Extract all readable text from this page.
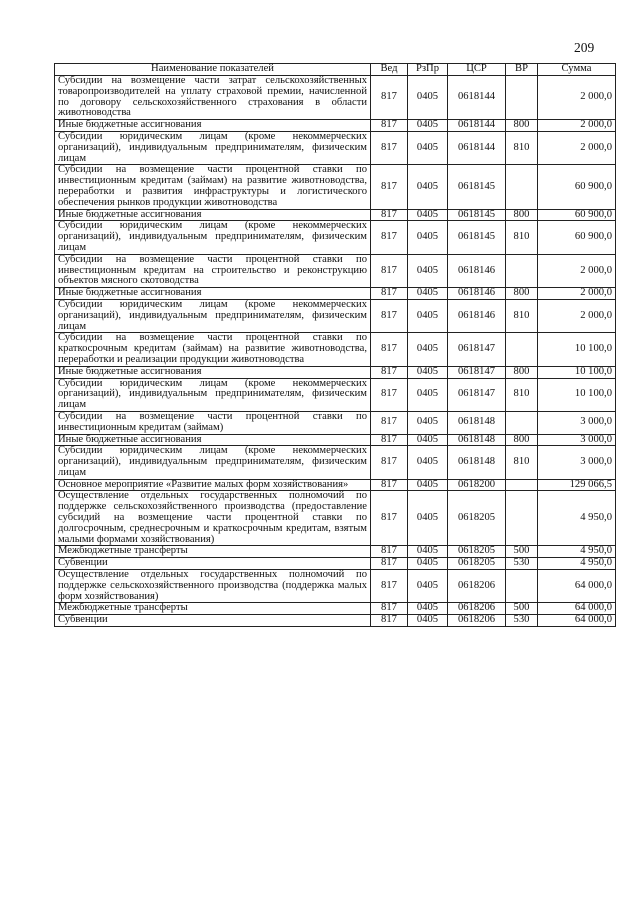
209
Наименование показателей	Вед	РзПр	ЦСР	ВР	Сумма
Субсидии на возмещение части затрат сельскохозяйственных товаропроизводителей на уплату страховой премии, начисленной по договору сельскохозяйственного страхования в области животноводства	817	0405	0618144		2 000,0
Иные бюджетные ассигнования	817	0405	0618144	800	2 000,0
Субсидии юридическим лицам (кроме некоммерческих организаций), индивидуальным предпринимателям, физическим лицам	817	0405	0618144	810	2 000,0
Субсидии на возмещение части процентной ставки по инвестиционным кредитам (займам) на развитие животноводства, переработки и развития инфраструктуры и логистического обеспечения рынков продукции животноводства	817	0405	0618145		60 900,0
Иные бюджетные ассигнования	817	0405	0618145	800	60 900,0
Субсидии юридическим лицам (кроме некоммерческих организаций), индивидуальным предпринимателям, физическим лицам	817	0405	0618145	810	60 900,0
Субсидии на возмещение части процентной ставки по инвестиционным кредитам на строительство и реконструкцию объектов мясного скотоводства	817	0405	0618146		2 000,0
Иные бюджетные ассигнования	817	0405	0618146	800	2 000,0
Субсидии юридическим лицам (кроме некоммерческих организаций), индивидуальным предпринимателям, физическим лицам	817	0405	0618146	810	2 000,0
Субсидии на возмещение части процентной ставки по краткосрочным кредитам (займам) на развитие животноводства, переработки и реализации продукции животноводства	817	0405	0618147		10 100,0
Иные бюджетные ассигнования	817	0405	0618147	800	10 100,0
Субсидии юридическим лицам (кроме некоммерческих организаций), индивидуальным предпринимателям, физическим лицам	817	0405	0618147	810	10 100,0
Субсидии на возмещение части процентной ставки по инвестиционным кредитам (займам)	817	0405	0618148		3 000,0
Иные бюджетные ассигнования	817	0405	0618148	800	3 000,0
Субсидии юридическим лицам (кроме некоммерческих организаций), индивидуальным предпринимателям, физическим лицам	817	0405	0618148	810	3 000,0
Основное мероприятие «Развитие малых форм хозяйствования»	817	0405	0618200		129 066,5
Осуществление отдельных государственных полномочий по поддержке сельскохозяйственного производства (предоставление субсидий на возмещение части процентной ставки по долгосрочным, среднесрочным и краткосрочным кредитам, взятым малыми формами хозяйствования)	817	0405	0618205		4 950,0
Межбюджетные трансферты	817	0405	0618205	500	4 950,0
Субвенции	817	0405	0618205	530	4 950,0
Осуществление отдельных государственных полномочий по поддержке сельскохозяйственного производства (поддержка малых форм хозяйствования)	817	0405	0618206		64 000,0
Межбюджетные трансферты	817	0405	0618206	500	64 000,0
Субвенции	817	0405	0618206	530	64 000,0
